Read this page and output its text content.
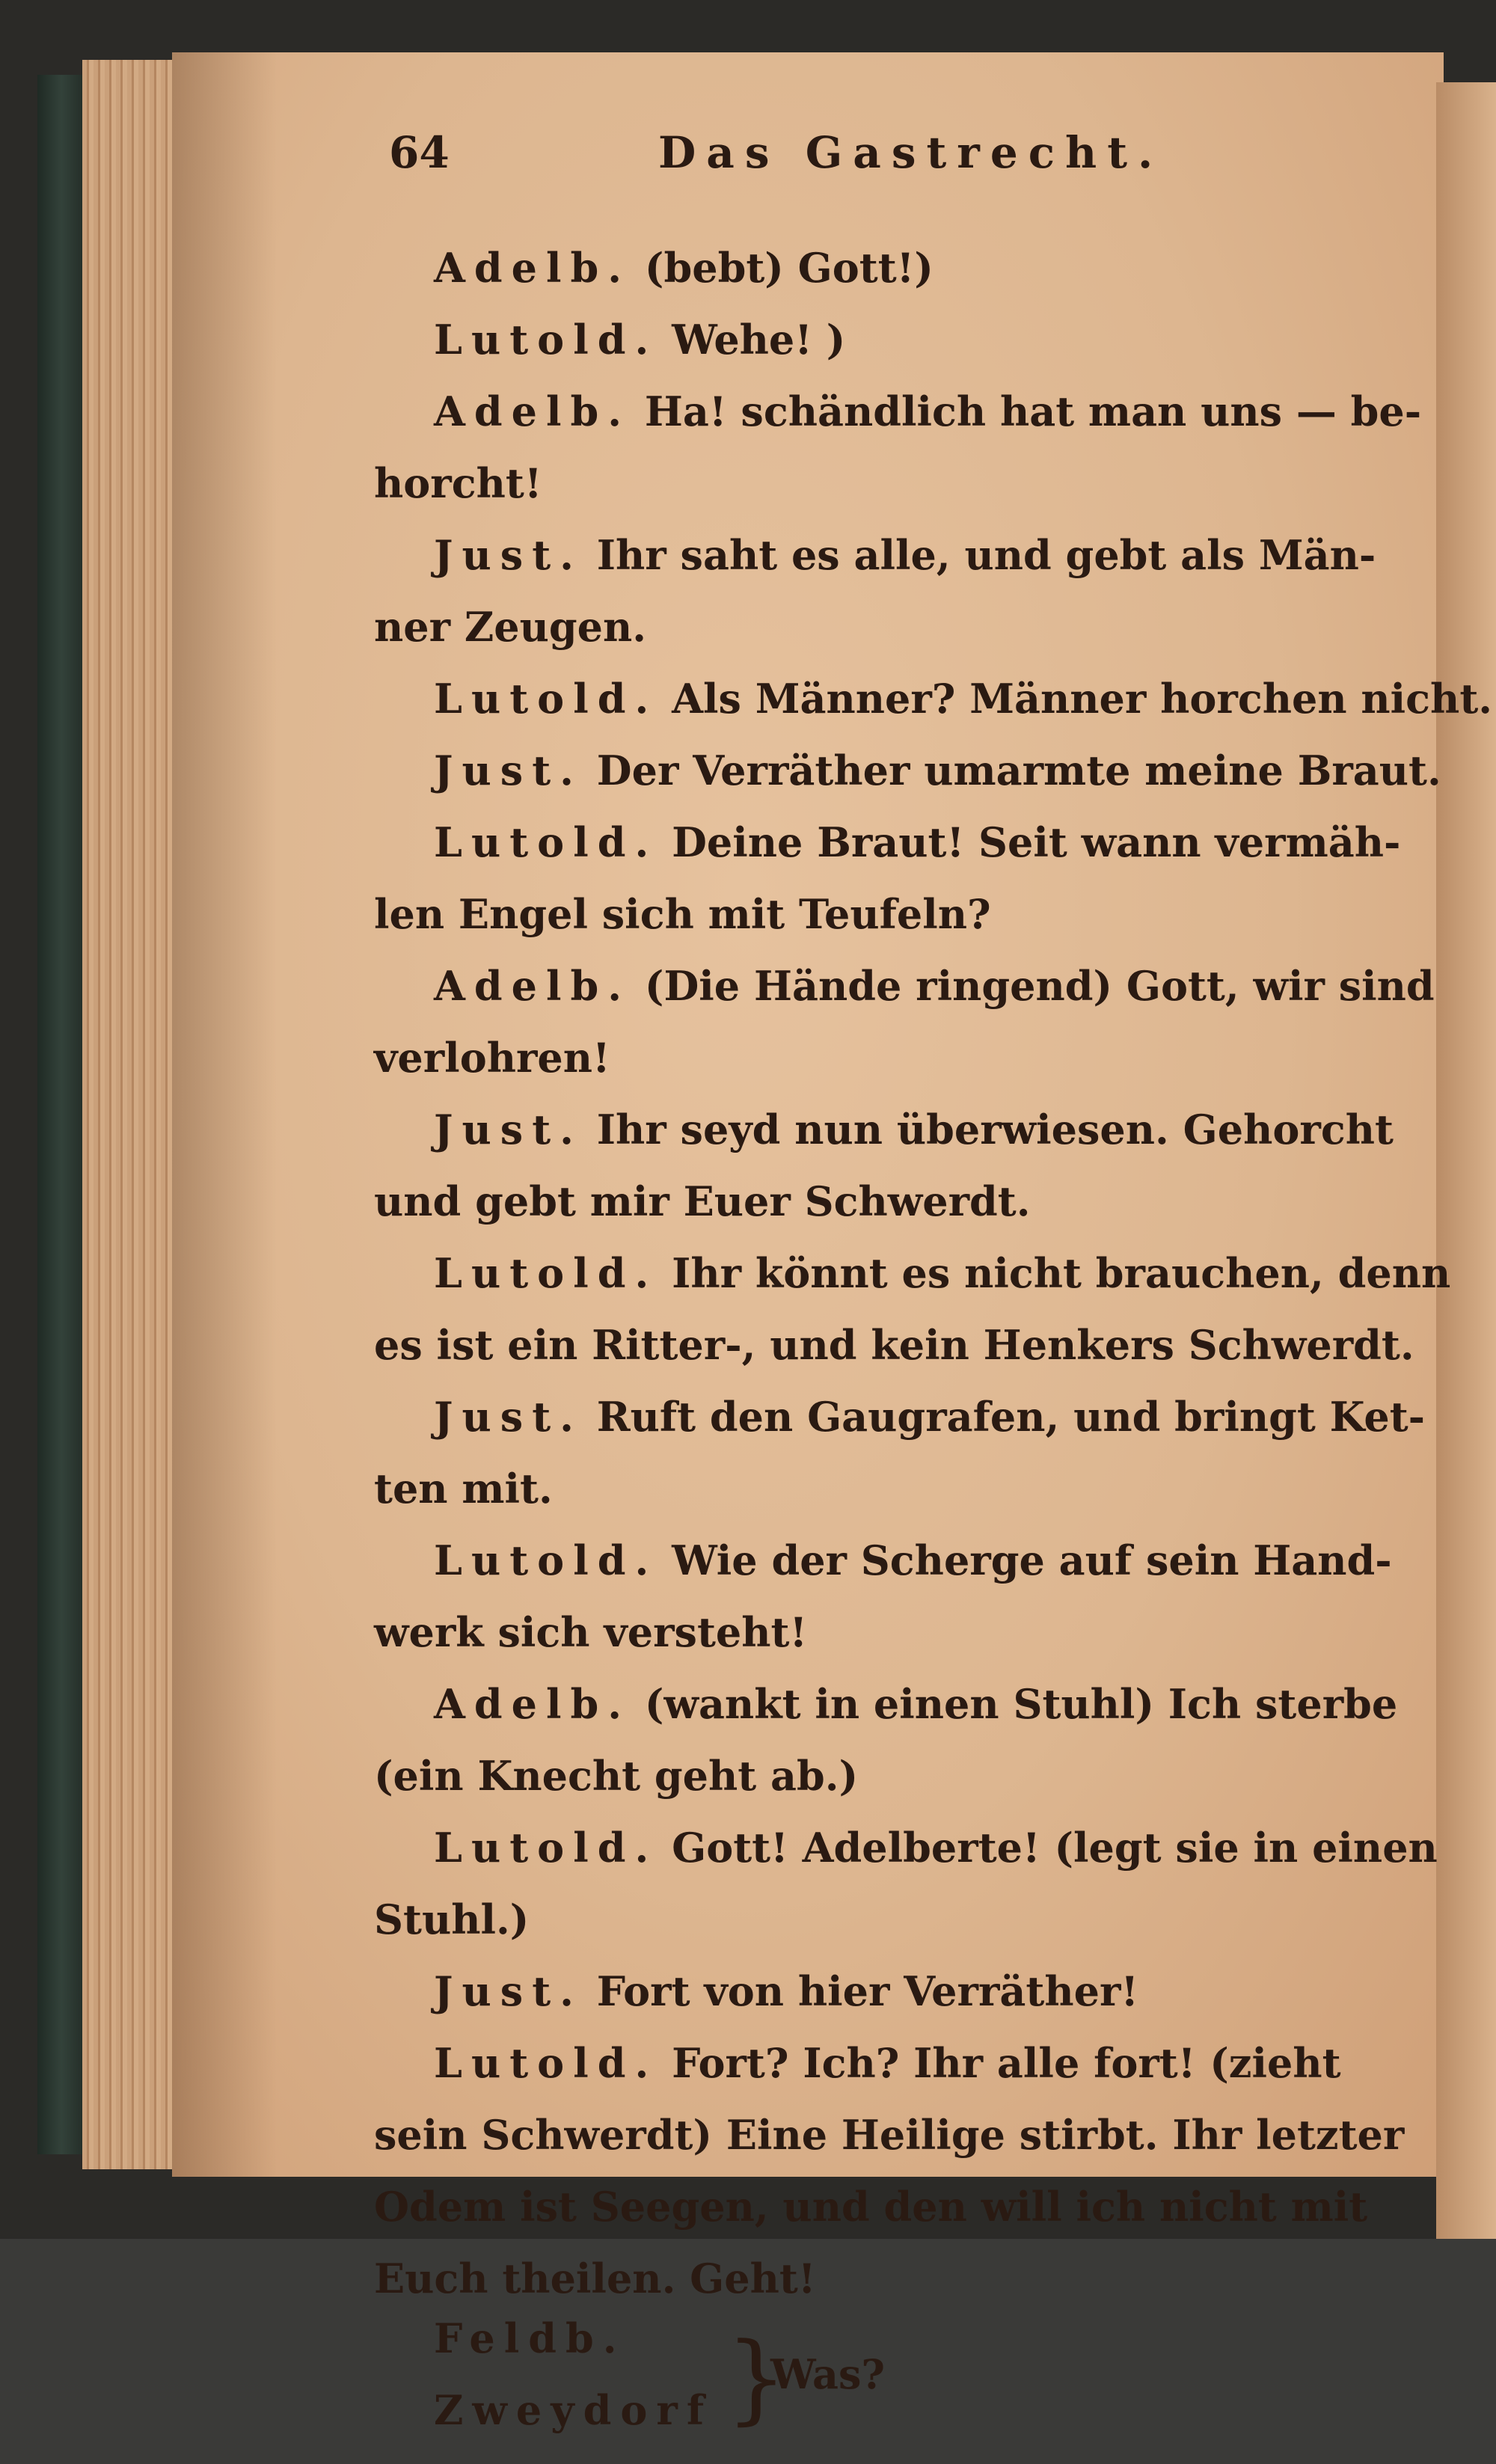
64	Das Gastrecht.
Adelb. (bebt) Gott!)
Lutold. Wehe! )
Adelb. Ha! schändlich hat man uns — be-
horcht!
Just. Ihr saht es alle, und gebt als Män-
ner Zeugen.
Lutold. Als Männer? Männer horchen nicht.
Just. Der Verräther umarmte meine Braut.
Lutold. Deine Braut! Seit wann vermäh-
len Engel sich mit Teufeln?
Adelb. (Die Hände ringend) Gott, wir sind
verlohren!
Just. Ihr seyd nun überwiesen. Gehorcht
und gebt mir Euer Schwerdt.
Lutold. Ihr könnt es nicht brauchen, denn
es ist ein Ritter-, und kein Henkers Schwerdt.
Just. Ruft den Gaugrafen, und bringt Ket-
ten mit.
Lutold. Wie der Scherge auf sein Hand-
werk sich versteht!
Adelb. (wankt in einen Stuhl) Ich sterbe
(ein Knecht geht ab.)
Lutold. Gott! Adelberte! (legt sie in einen
Stuhl.)
Just. Fort von hier Verräther!
Lutold. Fort? Ich? Ihr alle fort! (zieht
sein Schwerdt) Eine Heilige stirbt. Ihr letzter
Odem ist Seegen, und den will ich nicht mit
Euch theilen. Geht!
Feldb.
Zweydorf }
Was?
